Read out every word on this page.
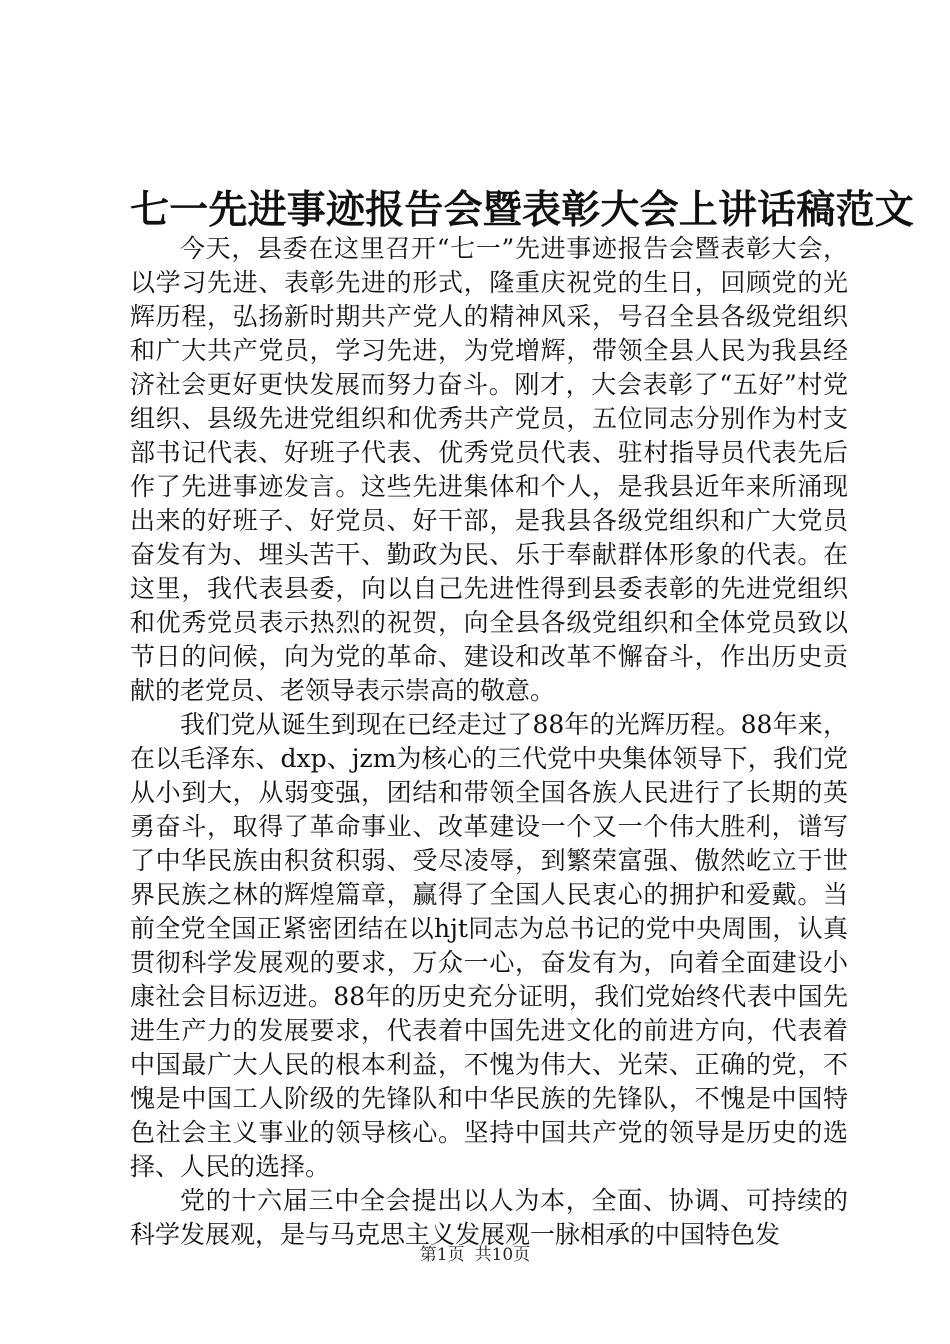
七一先进事迹报告会暨表彰大会上讲话稿范文

今天，县委在这里召开“七一”先进事迹报告会暨表彰大会，以学习先进、表彰先进的形式，隆重庆祝党的生日，回顾党的光辉历程，弘扬新时期共产党人的精神风采，号召全县各级党组织和广大共产党员，学习先进，为党增辉，带领全县人民为我县经济社会更好更快发展而努力奋斗。刚才，大会表彰了“五好”村党组织、县级先进党组织和优秀共产党员，五位同志分别作为村支部书记代表、好班子代表、优秀党员代表、驻村指导员代表先后作了先进事迹发言。这些先进集体和个人，是我县近年来所涌现出来的好班子、好党员、好干部，是我县各级党组织和广大党员奋发有为、埋头苦干、勤政为民、乐于奉献群体形象的代表。在这里，我代表县委，向以自己先进性得到县委表彰的先进党组织和优秀党员表示热烈的祝贺，向全县各级党组织和全体党员致以节日的问候，向为党的革命、建设和改革不懈奋斗，作出历史贡献的老党员、老领导表示崇高的敬意。

我们党从诞生到现在已经走过了88年的光辉历程。88年来，在以毛泽东、dxp、jzm为核心的三代党中央集体领导下，我们党从小到大，从弱变强，团结和带领全国各族人民进行了长期的英勇奋斗，取得了革命事业、改革建设一个又一个伟大胜利，谱写了中华民族由积贫积弱、受尽凌辱，到繁荣富强、傲然屹立于世界民族之林的辉煌篇章，赢得了全国人民衷心的拥护和爱戴。当前全党全国正紧密团结在以hjt同志为总书记的党中央周围，认真贯彻科学发展观的要求，万众一心，奋发有为，向着全面建设小康社会目标迈进。88年的历史充分证明，我们党始终代表中国先进生产力的发展要求，代表着中国先进文化的前进方向，代表着中国最广大人民的根本利益，不愧为伟大、光荣、正确的党，不愧是中国工人阶级的先锋队和中华民族的先锋队，不愧是中国特色社会主义事业的领导核心。坚持中国共产党的领导是历史的选择、人民的选择。

党的十六届三中全会提出以人为本，全面、协调、可持续的科学发展观，是与马克思主义发展观一脉相承的中国特色发

第1页 共10页
